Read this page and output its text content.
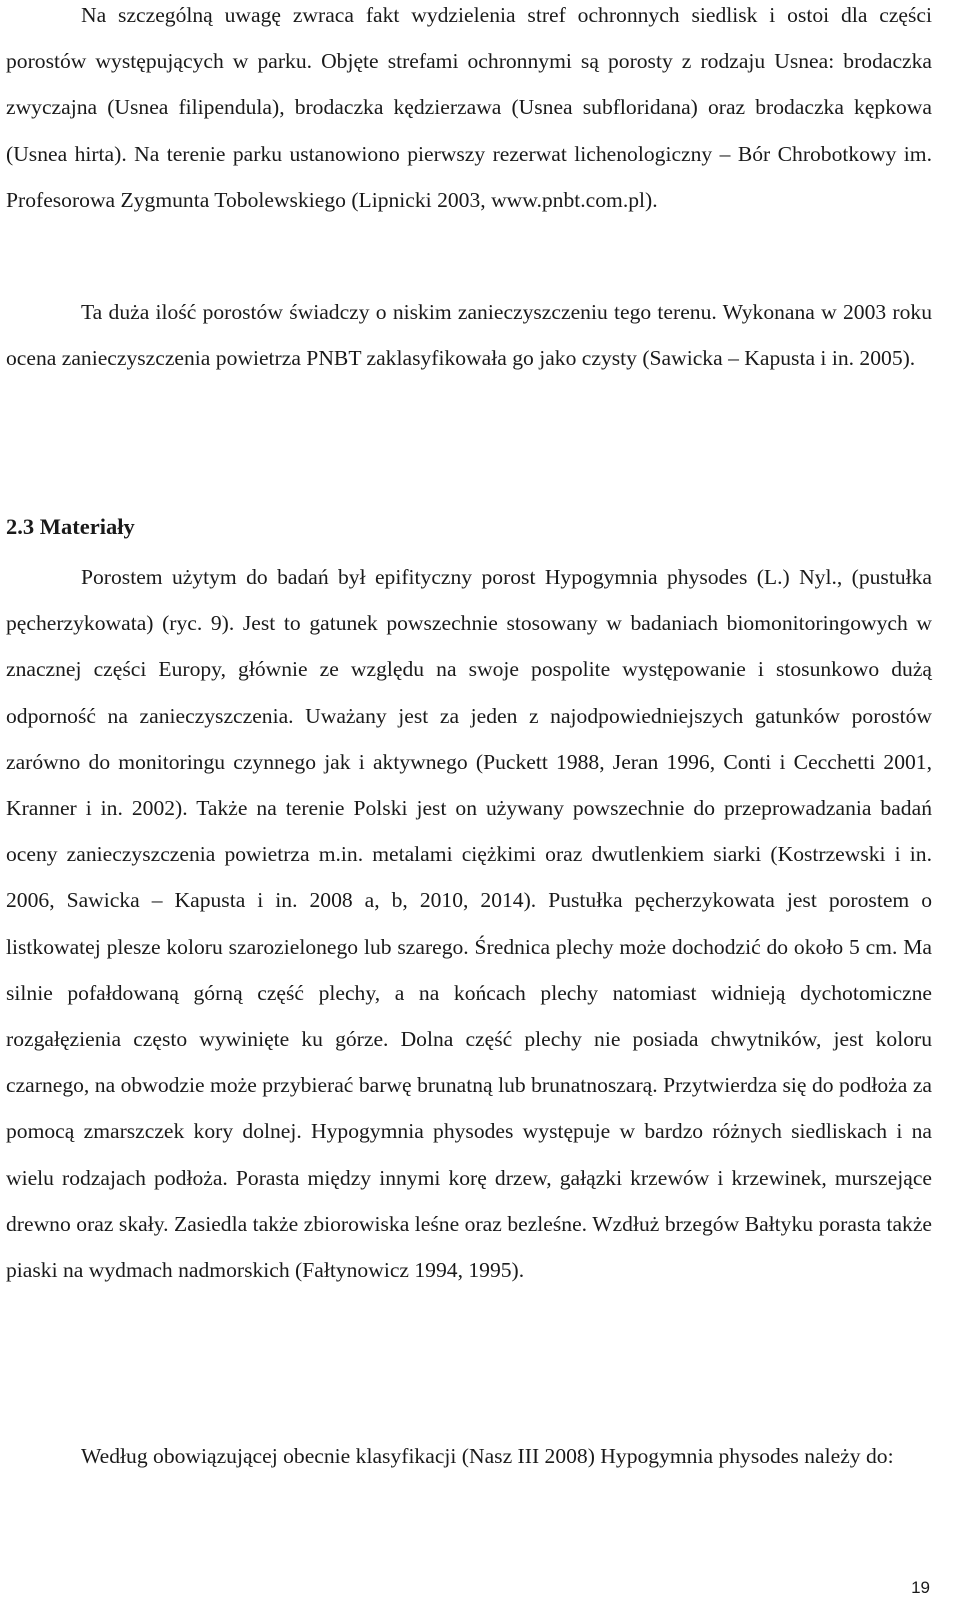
Na szczególną uwagę zwraca fakt wydzielenia stref ochronnych siedlisk i ostoi dla części porostów występujących w parku. Objęte strefami ochronnymi są porosty z rodzaju Usnea: brodaczka zwyczajna (Usnea filipendula), brodaczka kędzierzawa (Usnea subfloridana) oraz brodaczka kępkowa (Usnea hirta). Na terenie parku ustanowiono pierwszy rezerwat lichenologiczny – Bór Chrobotkowy im. Profesorowa Zygmunta Tobolewskiego (Lipnicki 2003, www.pnbt.com.pl).

Ta duża ilość porostów świadczy o niskim zanieczyszczeniu tego terenu. Wykonana w 2003 roku ocena zanieczyszczenia powietrza PNBT zaklasyfikowała go jako czysty (Sawicka – Kapusta i in. 2005).

2.3 Materiały

Porostem użytym do badań był epifityczny porost Hypogymnia physodes (L.) Nyl., (pustułka pęcherzykowata) (ryc. 9). Jest to gatunek powszechnie stosowany w badaniach biomonitoringowych w znacznej części Europy, głównie ze względu na swoje pospolite występowanie i stosunkowo dużą odporność na zanieczyszczenia. Uważany jest za jeden z najodpowiedniejszych gatunków porostów zarówno do monitoringu czynnego jak i aktywnego (Puckett 1988, Jeran 1996, Conti i Cecchetti 2001, Kranner i in. 2002). Także na terenie Polski jest on używany powszechnie do przeprowadzania badań oceny zanieczyszczenia powietrza m.in. metalami ciężkimi oraz dwutlenkiem siarki (Kostrzewski i in. 2006, Sawicka – Kapusta i in. 2008 a, b, 2010, 2014). Pustułka pęcherzykowata jest porostem o listkowatej plesze koloru szarozielonego lub szarego. Średnica plechy może dochodzić do około 5 cm. Ma silnie pofałdowaną górną część plechy, a na końcach plechy natomiast widnieją dychotomiczne rozgałęzienia często wywinięte ku górze. Dolna część plechy nie posiada chwytników, jest koloru czarnego, na obwodzie może przybierać barwę brunatną lub brunatnoszarą. Przytwierdza się do podłoża za pomocą zmarszczek kory dolnej. Hypogymnia physodes występuje w bardzo różnych siedliskach i na wielu rodzajach podłoża. Porasta między innymi korę drzew, gałązki krzewów i krzewinek, murszejące drewno oraz skały. Zasiedla także zbiorowiska leśne oraz bezleśne. Wzdłuż brzegów Bałtyku porasta także piaski na wydmach nadmorskich (Fałtynowicz 1994, 1995).

Według obowiązującej obecnie klasyfikacji (Nasz III 2008) Hypogymnia physodes należy do:

19
